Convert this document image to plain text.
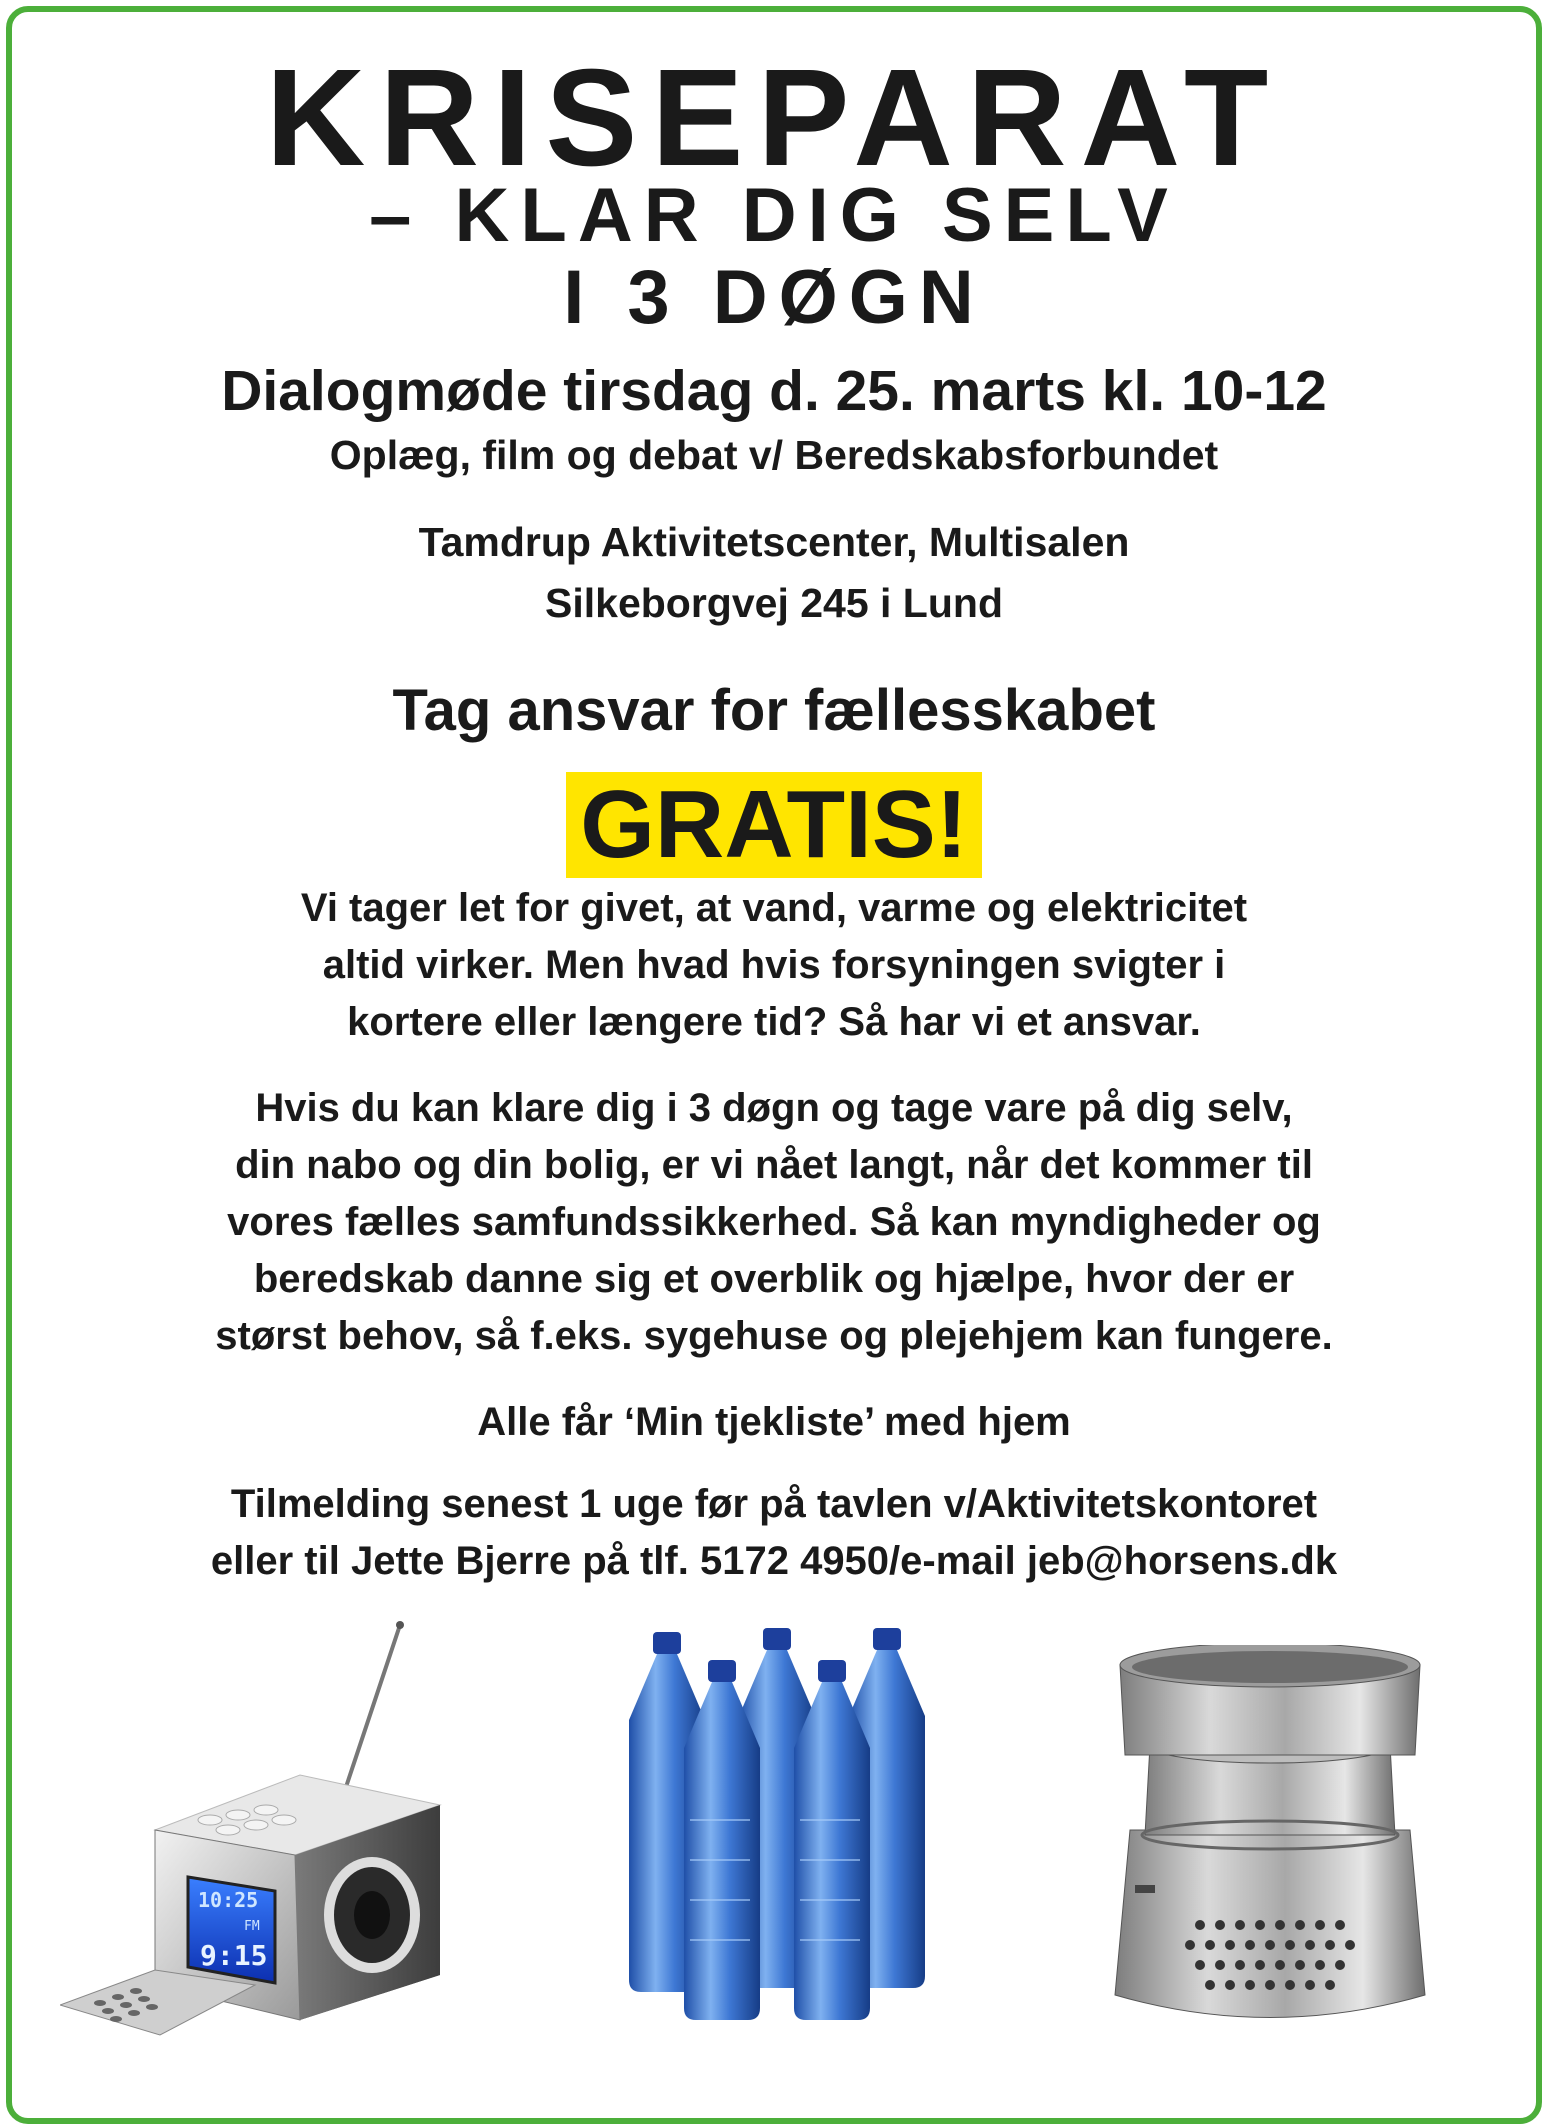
KRISEPARAT
– KLAR DIG SELV
I 3 DØGN
Dialogmøde tirsdag d. 25. marts kl. 10-12
Oplæg, film og debat v/ Beredskabsforbundet
Tamdrup Aktivitetscenter, Multisalen
Silkeborgvej 245 i Lund
Tag ansvar for fællesskabet
GRATIS!
Vi tager let for givet, at vand, varme og elektricitet
altid virker. Men hvad hvis forsyningen svigter i
kortere eller længere tid? Så har vi et ansvar.
Hvis du kan klare dig i 3 døgn og tage vare på dig selv,
din nabo og din bolig, er vi nået langt, når det kommer til
vores fælles samfundssikkerhed. Så kan myndigheder og
beredskab danne sig et overblik og hjælpe, hvor der er
størst behov, så f.eks. sygehuse og plejehjem kan fungere.
Alle får ‘Min tjekliste’ med hjem
Tilmelding senest 1 uge før på tavlen v/Aktivitetskontoret
eller til Jette Bjerre på tlf. 5172 4950/e-mail jeb@horsens.dk
10:25
FM
9:15
